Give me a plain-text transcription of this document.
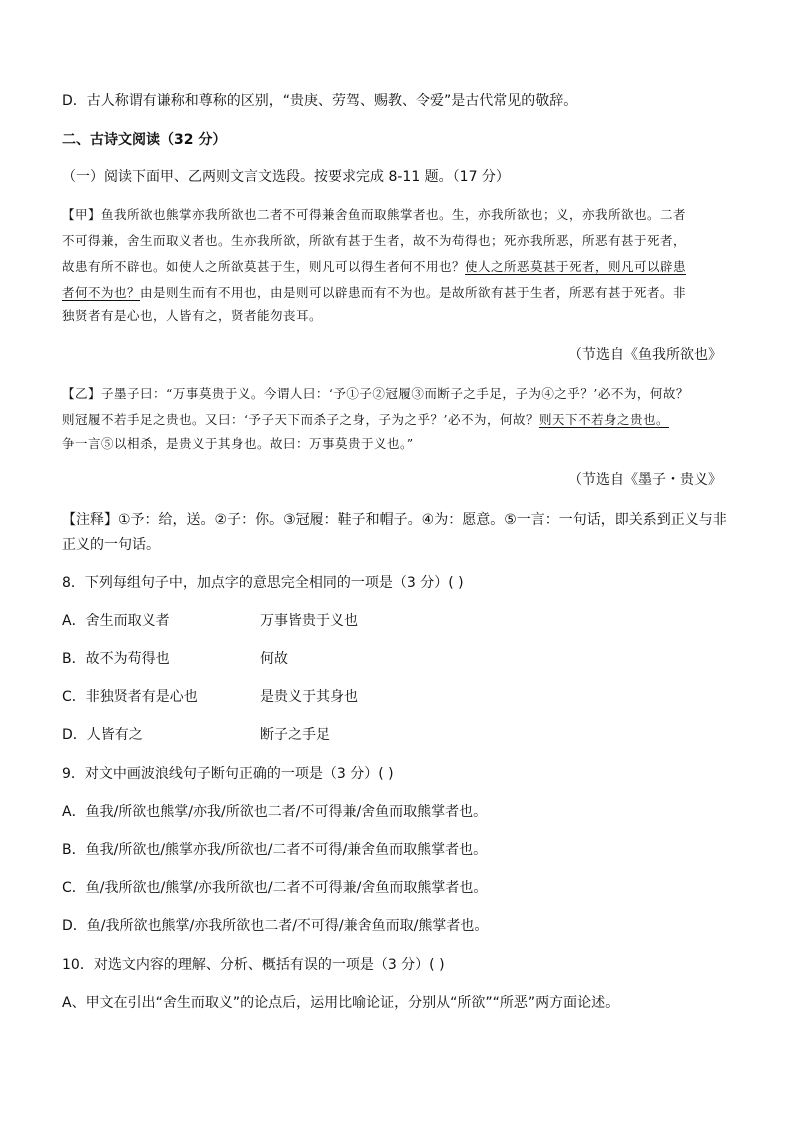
D．古人称谓有谦称和尊称的区别，“贵庚、劳驾、赐教、令爱”是古代常见的敬辞。
二、古诗文阅读（32 分）
（一）阅读下面甲、乙两则文言文选段。按要求完成 8-11 题。（17 分）
【甲】鱼我所欲也熊掌亦我所欲也二者不可得兼舍鱼而取熊掌者也。生，亦我所欲也；义，亦我所欲也。二者
不可得兼，舍生而取义者也。生亦我所欲，所欲有甚于生者，故不为苟得也；死亦我所恶，所恶有甚于死者，
故患有所不辟也。如使人之所欲莫甚于生，则凡可以得生者何不用也？使人之所恶莫甚于死者，则凡可以辟患
者何不为也？由是则生而有不用也，由是则可以辟患而有不为也。是故所欲有甚于生者，所恶有甚于死者。非
独贤者有是心也，人皆有之，贤者能勿丧耳。
（节选自《鱼我所欲也》
【乙】子墨子曰：“万事莫贵于义。今谓人曰：‘予①子②冠履③而断子之手足，子为④之乎？’必不为，何故？
则冠履不若手足之贵也。又曰：‘予子天下而杀子之身，子为之乎？’必不为，何故？则天下不若身之贵也。
争一言⑤以相杀，是贵义于其身也。故曰：万事莫贵于义也。”
（节选自《墨子・贵义》
【注释】①予：给，送。②子：你。③冠履：鞋子和帽子。④为：愿意。⑤一言：一句话，即关系到正义与非
正义的一句话。
8．下列每组句子中，加点字的意思完全相同的一项是（3 分）( )
A．舍生而取义者	万事皆贵于义也
B．故不为苟得也	何故
C．非独贤者有是心也	是贵义于其身也
D．人皆有之	断子之手足
9．对文中画波浪线句子断句正确的一项是（3 分）( )
A．鱼我/所欲也熊掌/亦我/所欲也二者/不可得兼/舍鱼而取熊掌者也。
B．鱼我/所欲也/熊掌亦我/所欲也/二者不可得/兼舍鱼而取熊掌者也。
C．鱼/我所欲也/熊掌/亦我所欲也/二者不可得兼/舍鱼而取熊掌者也。
D．鱼/我所欲也熊掌/亦我所欲也二者/不可得/兼舍鱼而取/熊掌者也。
10．对选文内容的理解、分析、概括有误的一项是（3 分）( )
A、甲文在引出“舍生而取义”的论点后，运用比喻论证，分别从“所欲”“所恶”两方面论述。
